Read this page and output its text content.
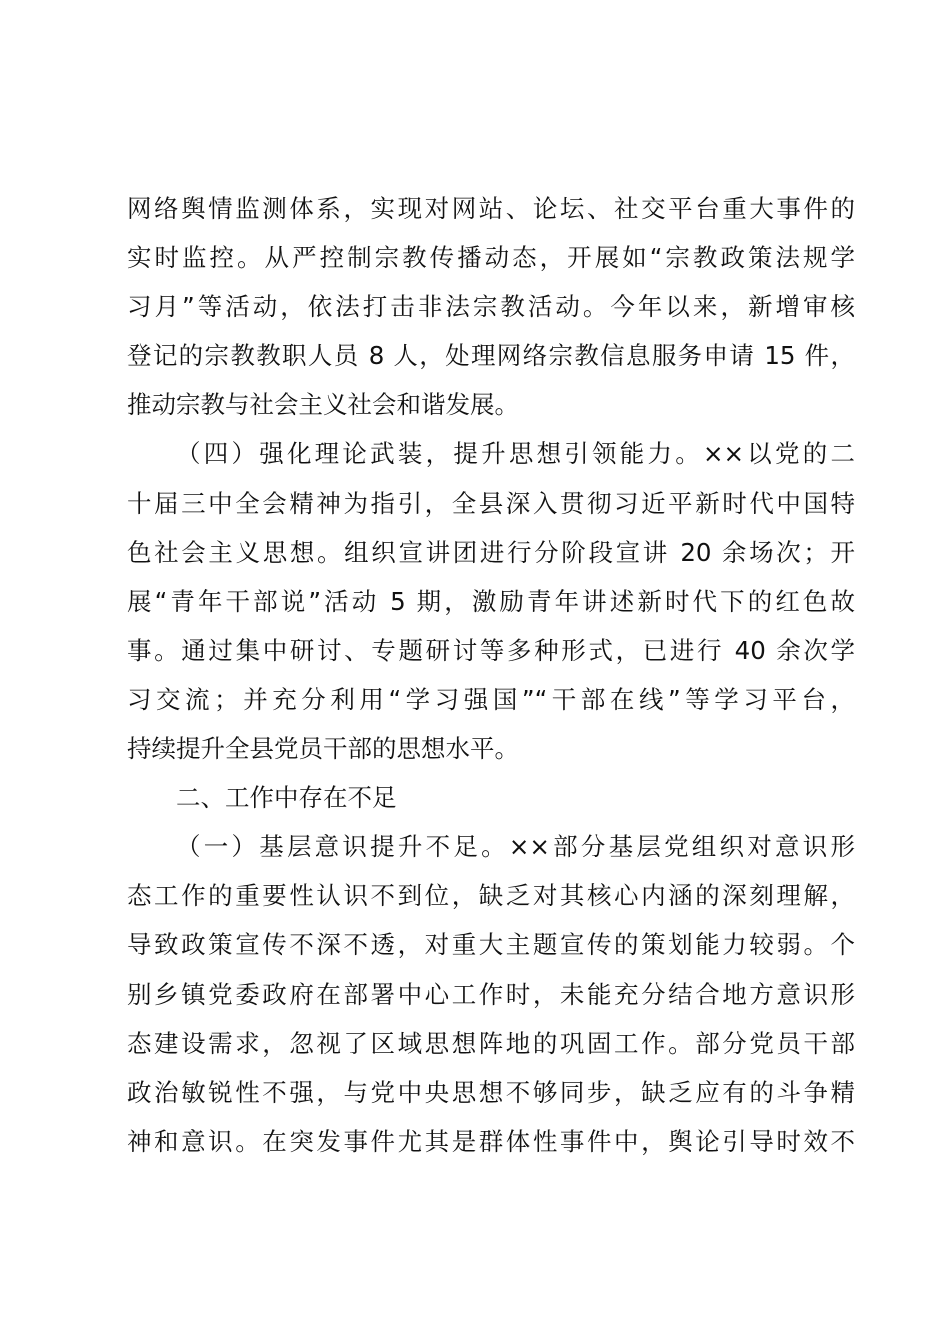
网络舆情监测体系，实现对网站、论坛、社交平台重大事件的
实时监控。从严控制宗教传播动态，开展如“宗教政策法规学
习月”等活动，依法打击非法宗教活动。今年以来，新增审核
登记的宗教教职人员 8 人，处理网络宗教信息服务申请 15 件，
推动宗教与社会主义社会和谐发展。
（四）强化理论武装，提升思想引领能力。××以党的二
十届三中全会精神为指引，全县深入贯彻习近平新时代中国特
色社会主义思想。组织宣讲团进行分阶段宣讲 20 余场次；开
展“青年干部说”活动 5 期，激励青年讲述新时代下的红色故
事。通过集中研讨、专题研讨等多种形式，已进行 40 余次学
习交流；并充分利用“学习强国”“干部在线”等学习平台，
持续提升全县党员干部的思想水平。
二、工作中存在不足
（一）基层意识提升不足。××部分基层党组织对意识形
态工作的重要性认识不到位，缺乏对其核心内涵的深刻理解，
导致政策宣传不深不透，对重大主题宣传的策划能力较弱。个
别乡镇党委政府在部署中心工作时，未能充分结合地方意识形
态建设需求，忽视了区域思想阵地的巩固工作。部分党员干部
政治敏锐性不强，与党中央思想不够同步，缺乏应有的斗争精
神和意识。在突发事件尤其是群体性事件中，舆论引导时效不
